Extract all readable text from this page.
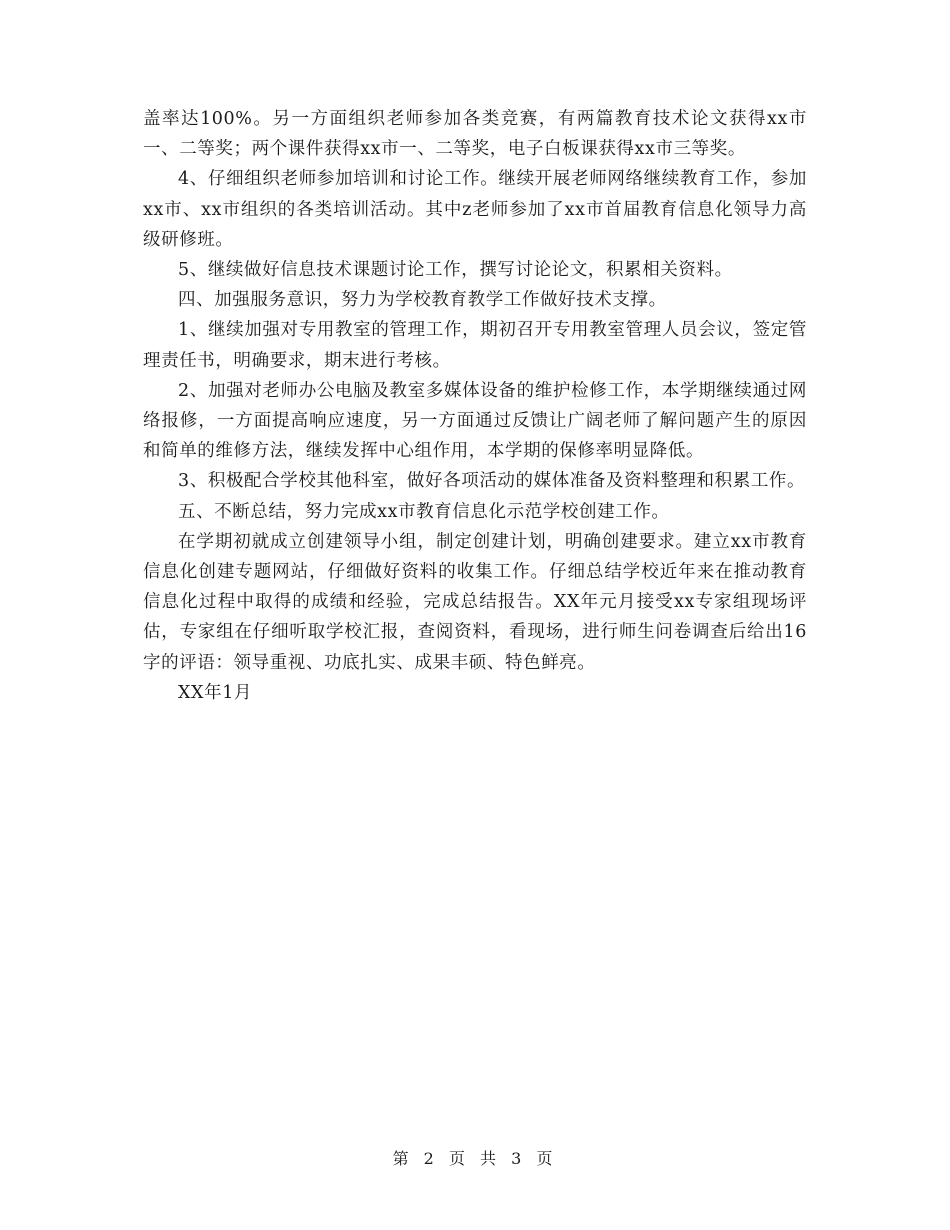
盖率达100%。另一方面组织老师参加各类竞赛，有两篇教育技术论文获得xx市一、二等奖；两个课件获得xx市一、二等奖，电子白板课获得xx市三等奖。

4、仔细组织老师参加培训和讨论工作。继续开展老师网络继续教育工作，参加xx市、xx市组织的各类培训活动。其中z老师参加了xx市首届教育信息化领导力高级研修班。

5、继续做好信息技术课题讨论工作，撰写讨论论文，积累相关资料。

四、加强服务意识，努力为学校教育教学工作做好技术支撑。

1、继续加强对专用教室的管理工作，期初召开专用教室管理人员会议，签定管理责任书，明确要求，期末进行考核。

2、加强对老师办公电脑及教室多媒体设备的维护检修工作，本学期继续通过网络报修，一方面提高响应速度，另一方面通过反馈让广阔老师了解问题产生的原因和简单的维修方法，继续发挥中心组作用，本学期的保修率明显降低。

3、积极配合学校其他科室，做好各项活动的媒体准备及资料整理和积累工作。

五、不断总结，努力完成xx市教育信息化示范学校创建工作。

在学期初就成立创建领导小组，制定创建计划，明确创建要求。建立xx市教育信息化创建专题网站，仔细做好资料的收集工作。仔细总结学校近年来在推动教育信息化过程中取得的成绩和经验，完成总结报告。XX年元月接受xx专家组现场评估，专家组在仔细听取学校汇报，查阅资料，看现场，进行师生问卷调查后给出16字的评语：领导重视、功底扎实、成果丰硕、特色鲜亮。

XX年1月

第 2 页 共 3 页
